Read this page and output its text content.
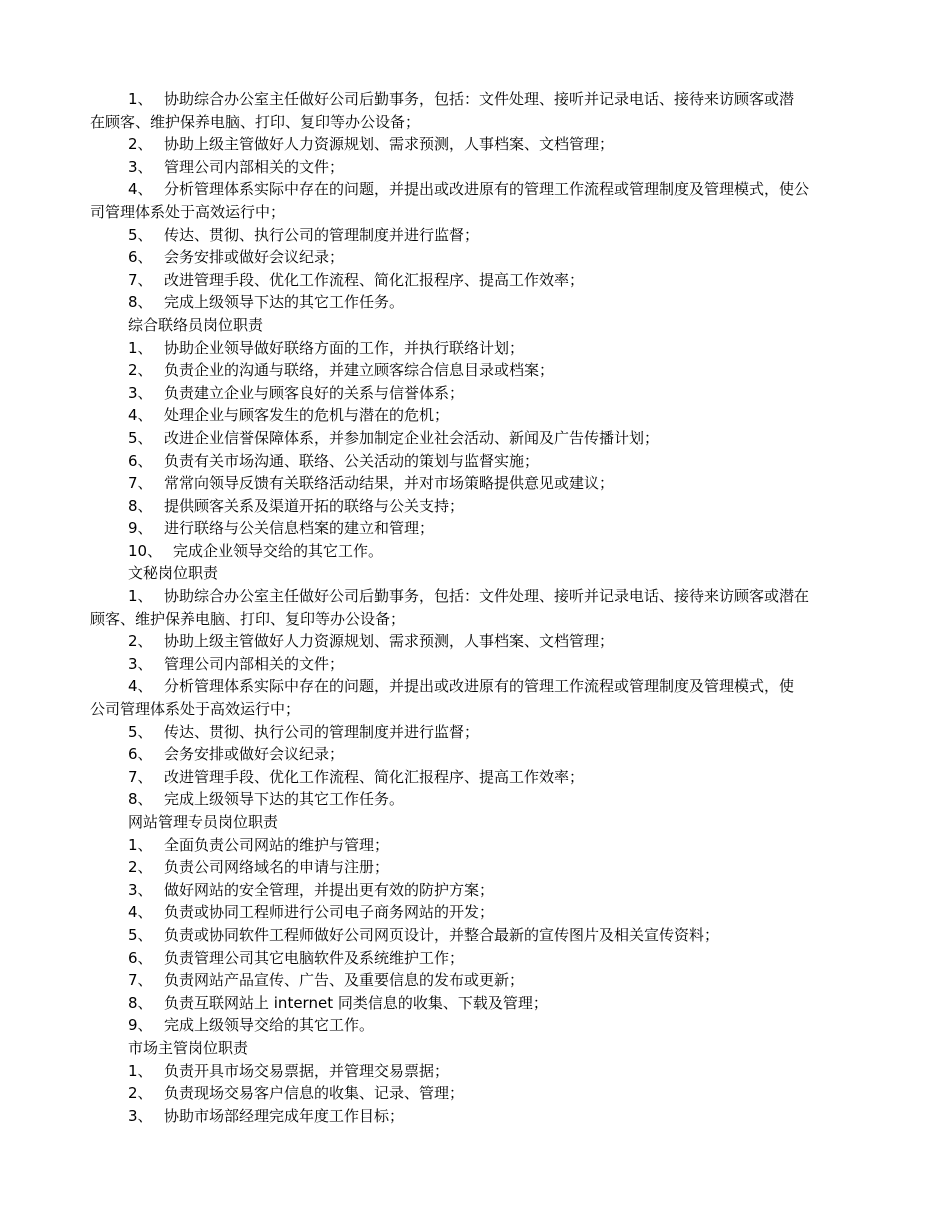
1、 协助综合办公室主任做好公司后勤事务，包括：文件处理、接听并记录电话、接待来访顾客或潜
在顾客、维护保养电脑、打印、复印等办公设备；
2、 协助上级主管做好人力资源规划、需求预测，人事档案、文档管理；
3、 管理公司内部相关的文件；
4、 分析管理体系实际中存在的问题，并提出或改进原有的管理工作流程或管理制度及管理模式，使公
司管理体系处于高效运行中；
5、 传达、贯彻、执行公司的管理制度并进行监督；
6、 会务安排或做好会议纪录；
7、 改进管理手段、优化工作流程、简化汇报程序、提高工作效率；
8、 完成上级领导下达的其它工作任务。
综合联络员岗位职责
1、 协助企业领导做好联络方面的工作，并执行联络计划；
2、 负责企业的沟通与联络，并建立顾客综合信息目录或档案；
3、 负责建立企业与顾客良好的关系与信誉体系；
4、 处理企业与顾客发生的危机与潜在的危机；
5、 改进企业信誉保障体系，并参加制定企业社会活动、新闻及广告传播计划；
6、 负责有关市场沟通、联络、公关活动的策划与监督实施；
7、 常常向领导反馈有关联络活动结果，并对市场策略提供意见或建议；
8、 提供顾客关系及渠道开拓的联络与公关支持；
9、 进行联络与公关信息档案的建立和管理；
10、 完成企业领导交给的其它工作。
文秘岗位职责
1、 协助综合办公室主任做好公司后勤事务，包括：文件处理、接听并记录电话、接待来访顾客或潜在
顾客、维护保养电脑、打印、复印等办公设备；
2、 协助上级主管做好人力资源规划、需求预测，人事档案、文档管理；
3、 管理公司内部相关的文件；
4、 分析管理体系实际中存在的问题，并提出或改进原有的管理工作流程或管理制度及管理模式，使
公司管理体系处于高效运行中；
5、 传达、贯彻、执行公司的管理制度并进行监督；
6、 会务安排或做好会议纪录；
7、 改进管理手段、优化工作流程、简化汇报程序、提高工作效率；
8、 完成上级领导下达的其它工作任务。
网站管理专员岗位职责
1、 全面负责公司网站的维护与管理；
2、 负责公司网络域名的申请与注册；
3、 做好网站的安全管理，并提出更有效的防护方案；
4、 负责或协同工程师进行公司电子商务网站的开发；
5、 负责或协同软件工程师做好公司网页设计，并整合最新的宣传图片及相关宣传资料；
6、 负责管理公司其它电脑软件及系统维护工作；
7、 负责网站产品宣传、广告、及重要信息的发布或更新；
8、 负责互联网站上 internet 同类信息的收集、下载及管理；
9、 完成上级领导交给的其它工作。
市场主管岗位职责
1、 负责开具市场交易票据，并管理交易票据；
2、 负责现场交易客户信息的收集、记录、管理；
3、 协助市场部经理完成年度工作目标；
